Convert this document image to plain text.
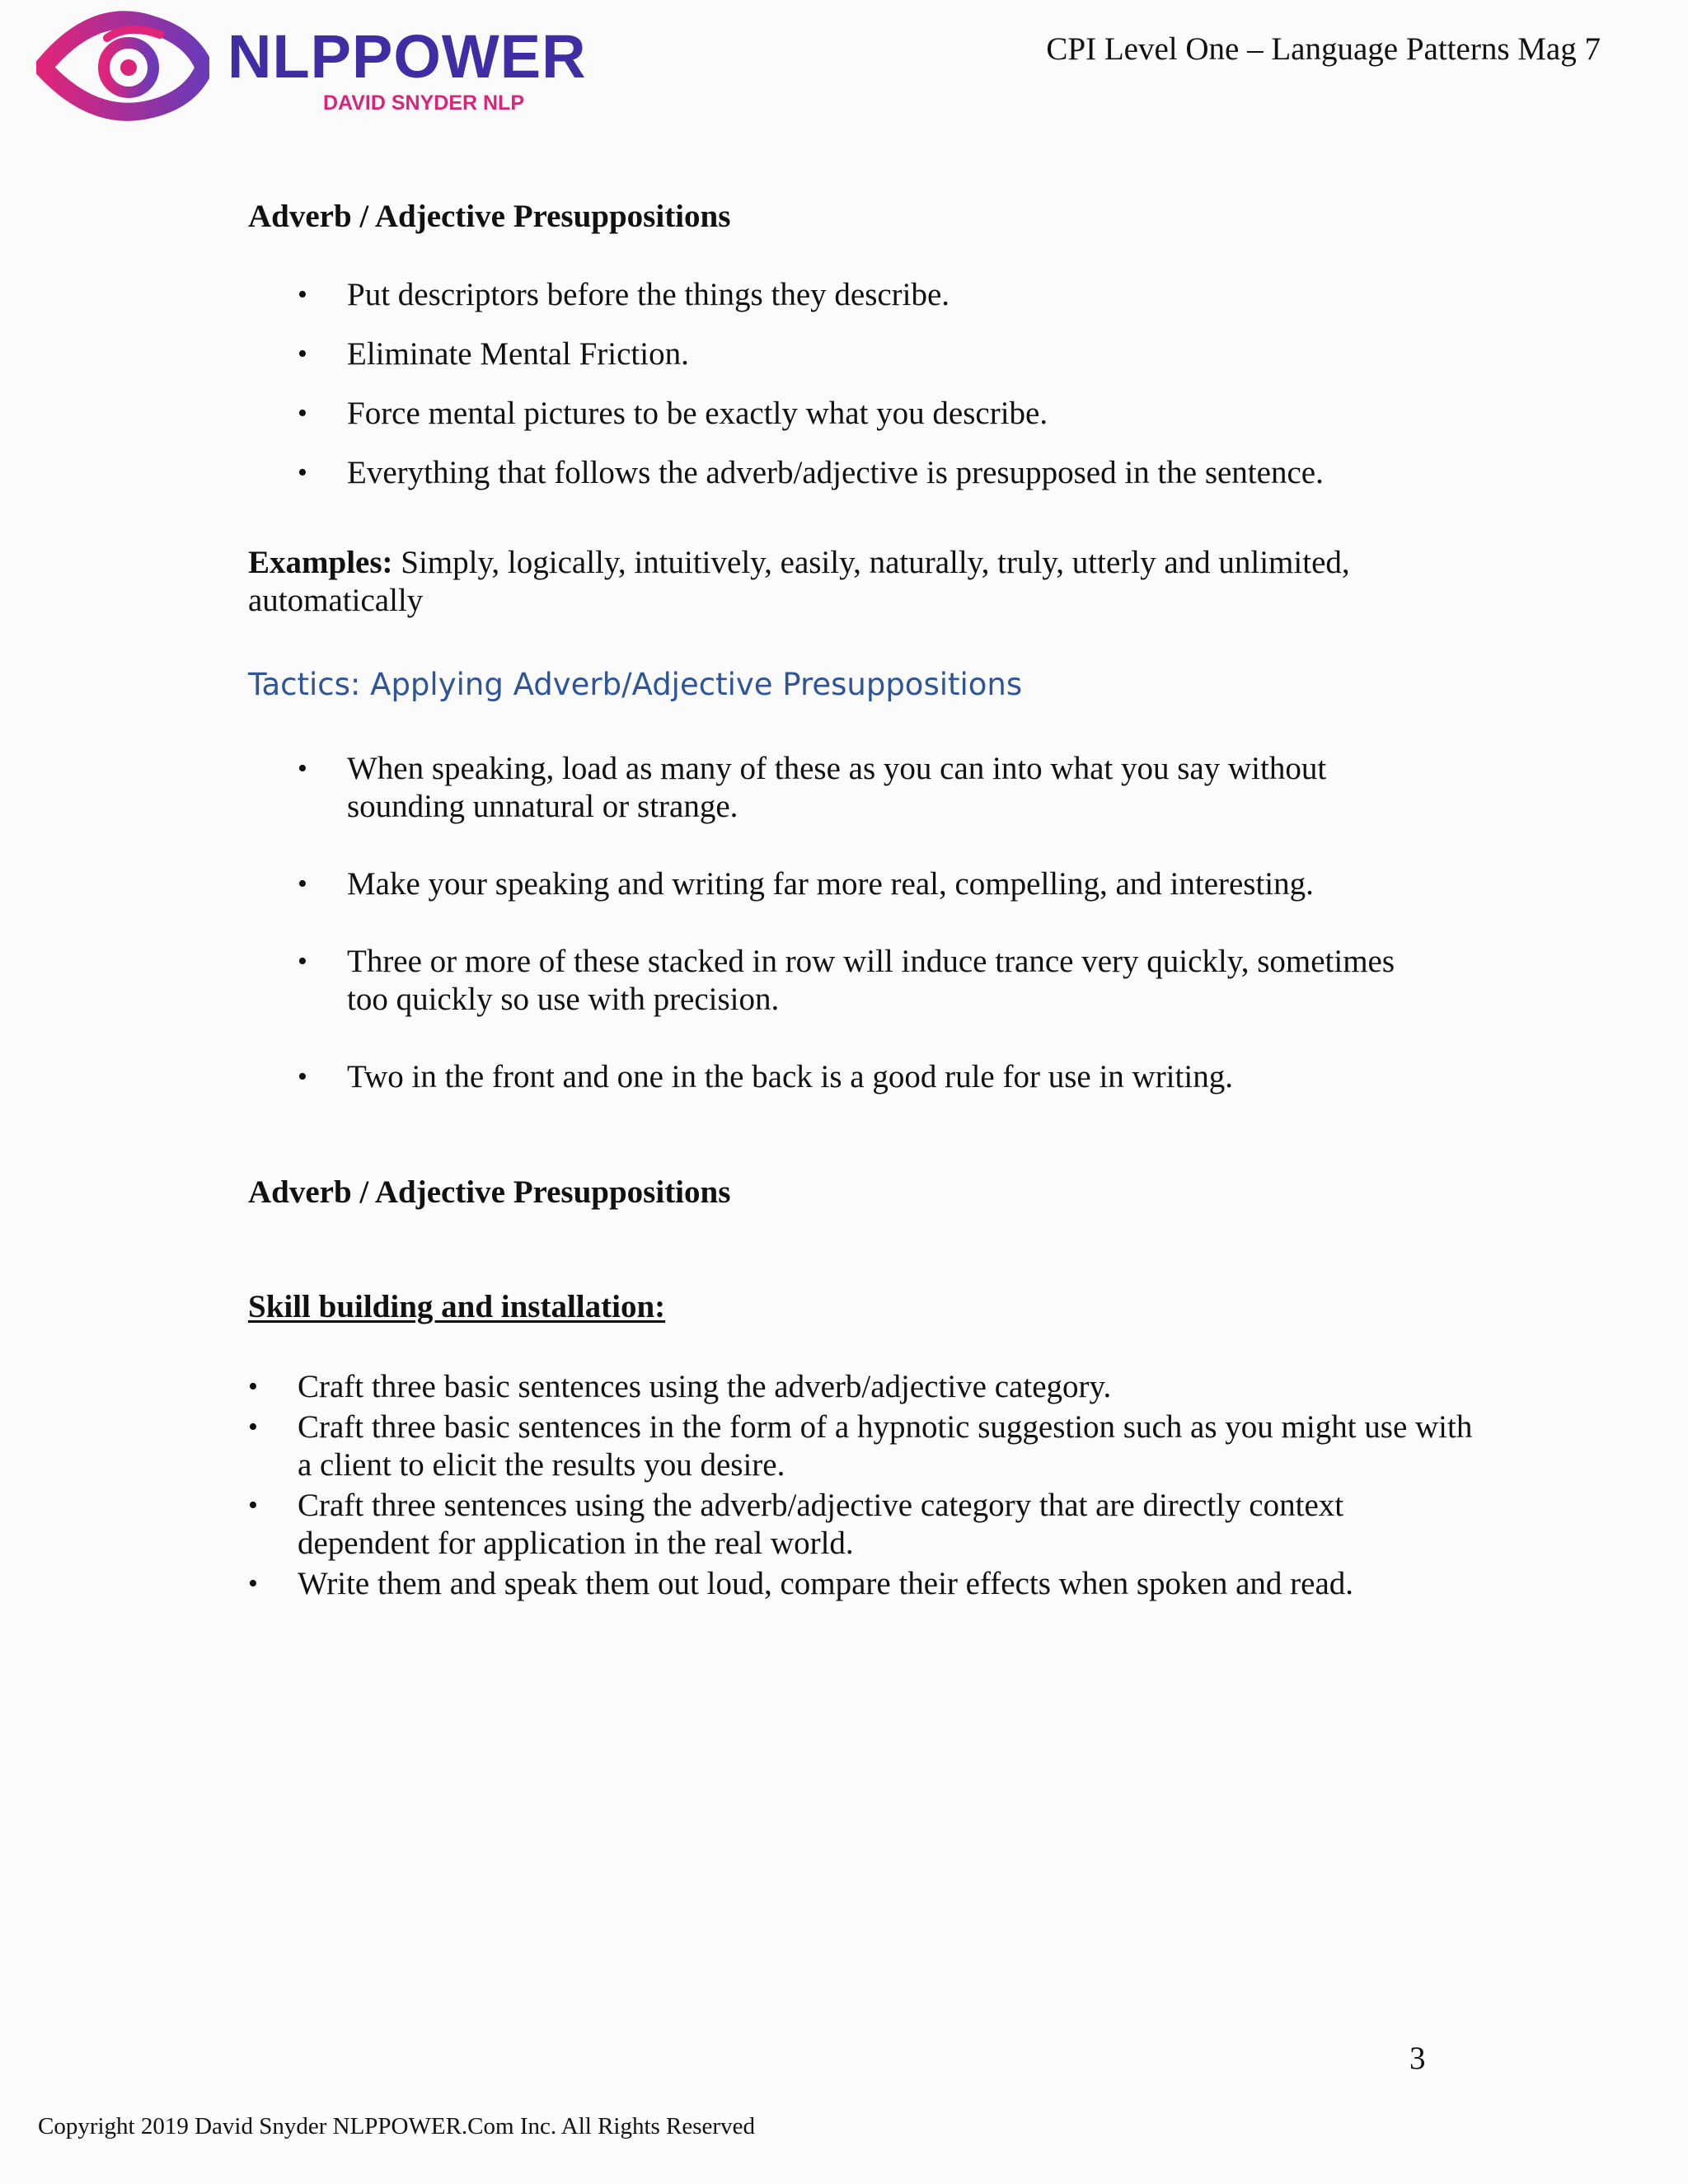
NLPPOWER
DAVID SNYDER NLP
CPI Level One – Language Patterns Mag 7
Adverb / Adjective Presuppositions
• Put descriptors before the things they describe.
• Eliminate Mental Friction.
• Force mental pictures to be exactly what you describe.
• Everything that follows the adverb/adjective is presupposed in the sentence.
Examples: Simply, logically, intuitively, easily, naturally, truly, utterly and unlimited, automatically
Tactics: Applying Adverb/Adjective Presuppositions
• When speaking, load as many of these as you can into what you say without sounding unnatural or strange.
• Make your speaking and writing far more real, compelling, and interesting.
• Three or more of these stacked in row will induce trance very quickly, sometimes too quickly so use with precision.
• Two in the front and one in the back is a good rule for use in writing.
Adverb / Adjective Presuppositions
Skill building and installation:
• Craft three basic sentences using the adverb/adjective category.
• Craft three basic sentences in the form of a hypnotic suggestion such as you might use with a client to elicit the results you desire.
• Craft three sentences using the adverb/adjective category that are directly context dependent for application in the real world.
• Write them and speak them out loud, compare their effects when spoken and read.
3
Copyright 2019 David Snyder NLPPOWER.Com Inc. All Rights Reserved
